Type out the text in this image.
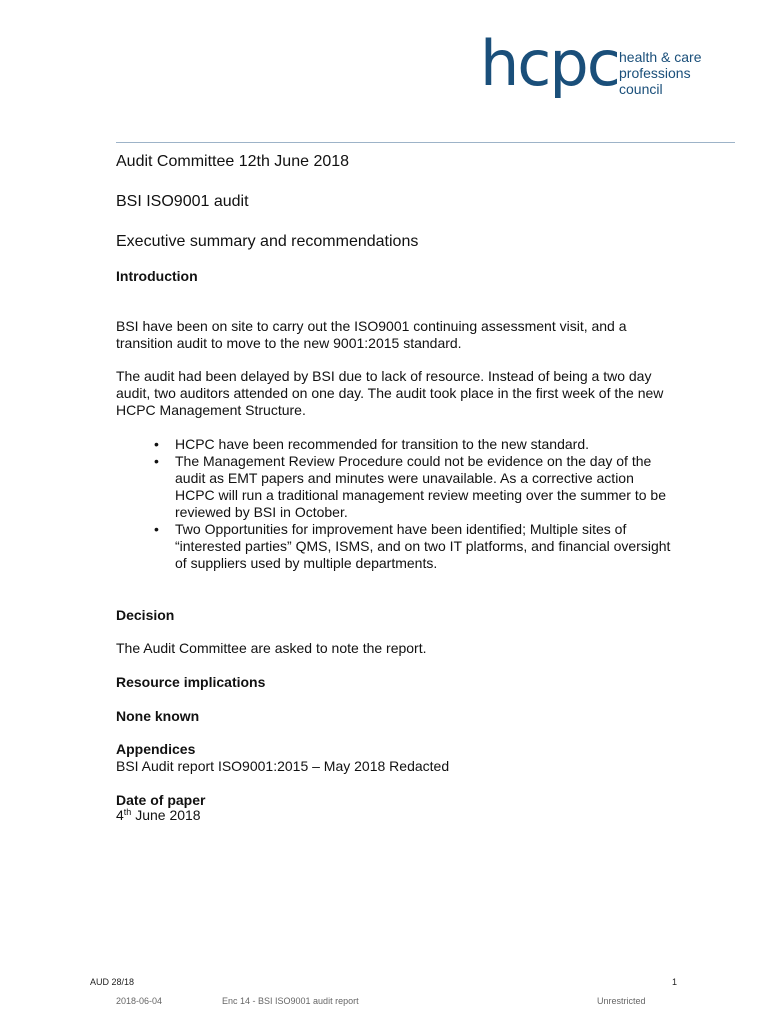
hcpc health & care
professions
council
Audit Committee 12th June 2018
BSI ISO9001 audit
Executive summary and recommendations
Introduction
BSI have been on site to carry out the ISO9001 continuing assessment visit, and a transition audit to move to the new 9001:2015 standard.
The audit had been delayed by BSI due to lack of resource. Instead of being a two day audit, two auditors attended on one day. The audit took place in the first week of the new HCPC Management Structure.
• HCPC have been recommended for transition to the new standard.
• The Management Review Procedure could not be evidence on the day of the audit as EMT papers and minutes were unavailable. As a corrective action HCPC will run a traditional management review meeting over the summer to be reviewed by BSI in October.
• Two Opportunities for improvement have been identified; Multiple sites of “interested parties” QMS, ISMS, and on two IT platforms, and financial oversight of suppliers used by multiple departments.
Decision
The Audit Committee are asked to note the report.
Resource implications
None known
Appendices
BSI Audit report ISO9001:2015 – May 2018 Redacted
Date of paper
4th June 2018
AUD 28/18	1
2018-06-04	Enc 14 - BSI ISO9001 audit report	Unrestricted
